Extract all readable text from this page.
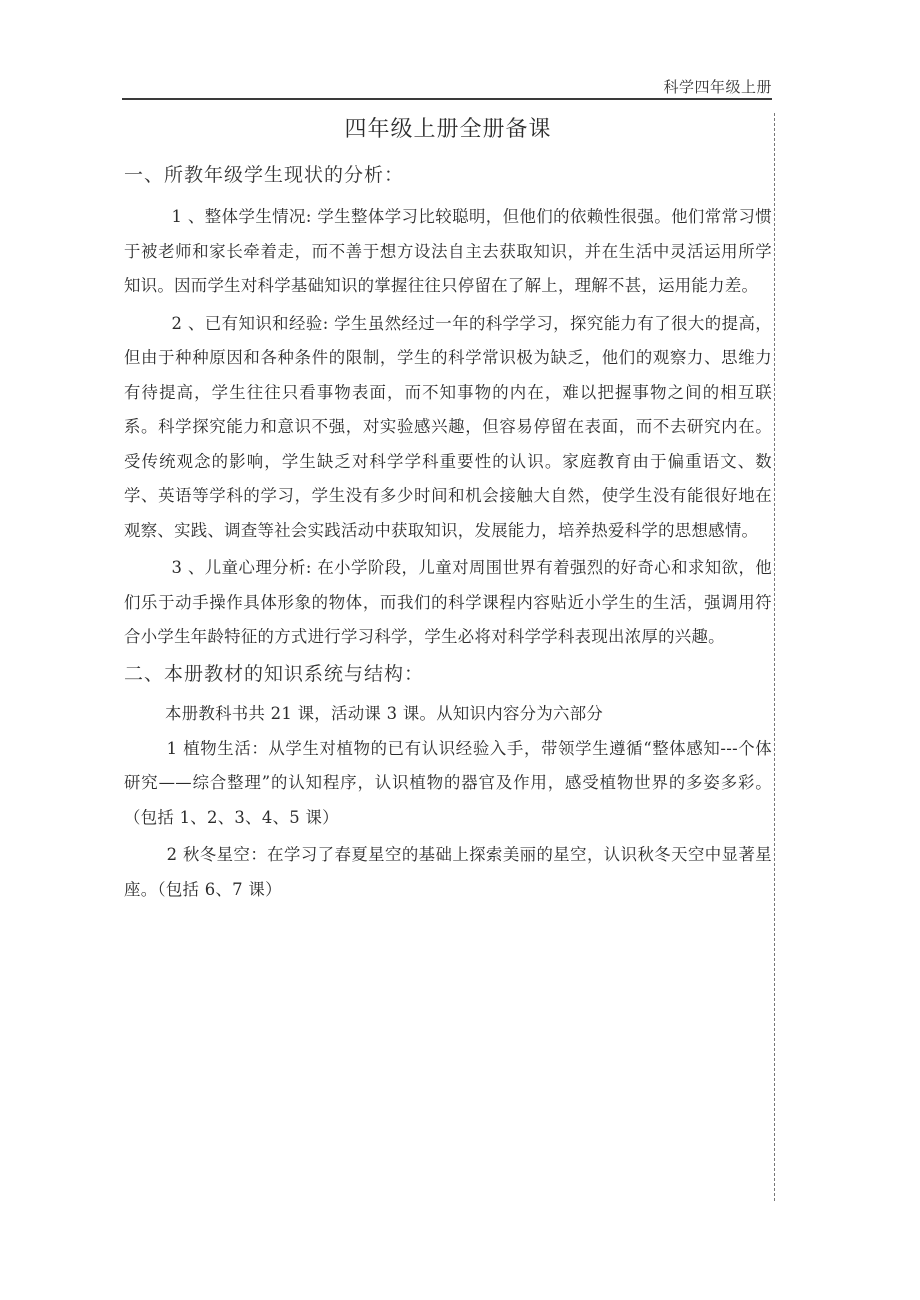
科学四年级上册
四年级上册全册备课
一、所教年级学生现状的分析：

1 、整体学生情况: 学生整体学习比较聪明，但他们的依赖性很强。他们常常习惯于被老师和家长牵着走，而不善于想方设法自主去获取知识，并在生活中灵活运用所学知识。因而学生对科学基础知识的掌握往往只停留在了解上，理解不甚，运用能力差。

2 、已有知识和经验: 学生虽然经过一年的科学学习，探究能力有了很大的提高，但由于种种原因和各种条件的限制，学生的科学常识极为缺乏，他们的观察力、思维力有待提高，学生往往只看事物表面，而不知事物的内在，难以把握事物之间的相互联系。科学探究能力和意识不强，对实验感兴趣，但容易停留在表面，而不去研究内在。受传统观念的影响，学生缺乏对科学学科重要性的认识。家庭教育由于偏重语文、数学、英语等学科的学习，学生没有多少时间和机会接触大自然，使学生没有能很好地在观察、实践、调查等社会实践活动中获取知识，发展能力，培养热爱科学的思想感情。

3 、儿童心理分析: 在小学阶段，儿童对周围世界有着强烈的好奇心和求知欲，他们乐于动手操作具体形象的物体，而我们的科学课程内容贴近小学生的生活，强调用符合小学生年龄特征的方式进行学习科学，学生必将对科学学科表现出浓厚的兴趣。

二、本册教材的知识系统与结构：

本册教科书共 21 课，活动课 3 课。从知识内容分为六部分

1 植物生活：从学生对植物的已有认识经验入手，带领学生遵循“整体感知---个体研究——综合整理”的认知程序，认识植物的器官及作用，感受植物世界的多姿多彩。（包括 1、2、3、4、5 课）

2 秋冬星空：在学习了春夏星空的基础上探索美丽的星空，认识秋冬天空中显著星座。（包括 6、7 课）
